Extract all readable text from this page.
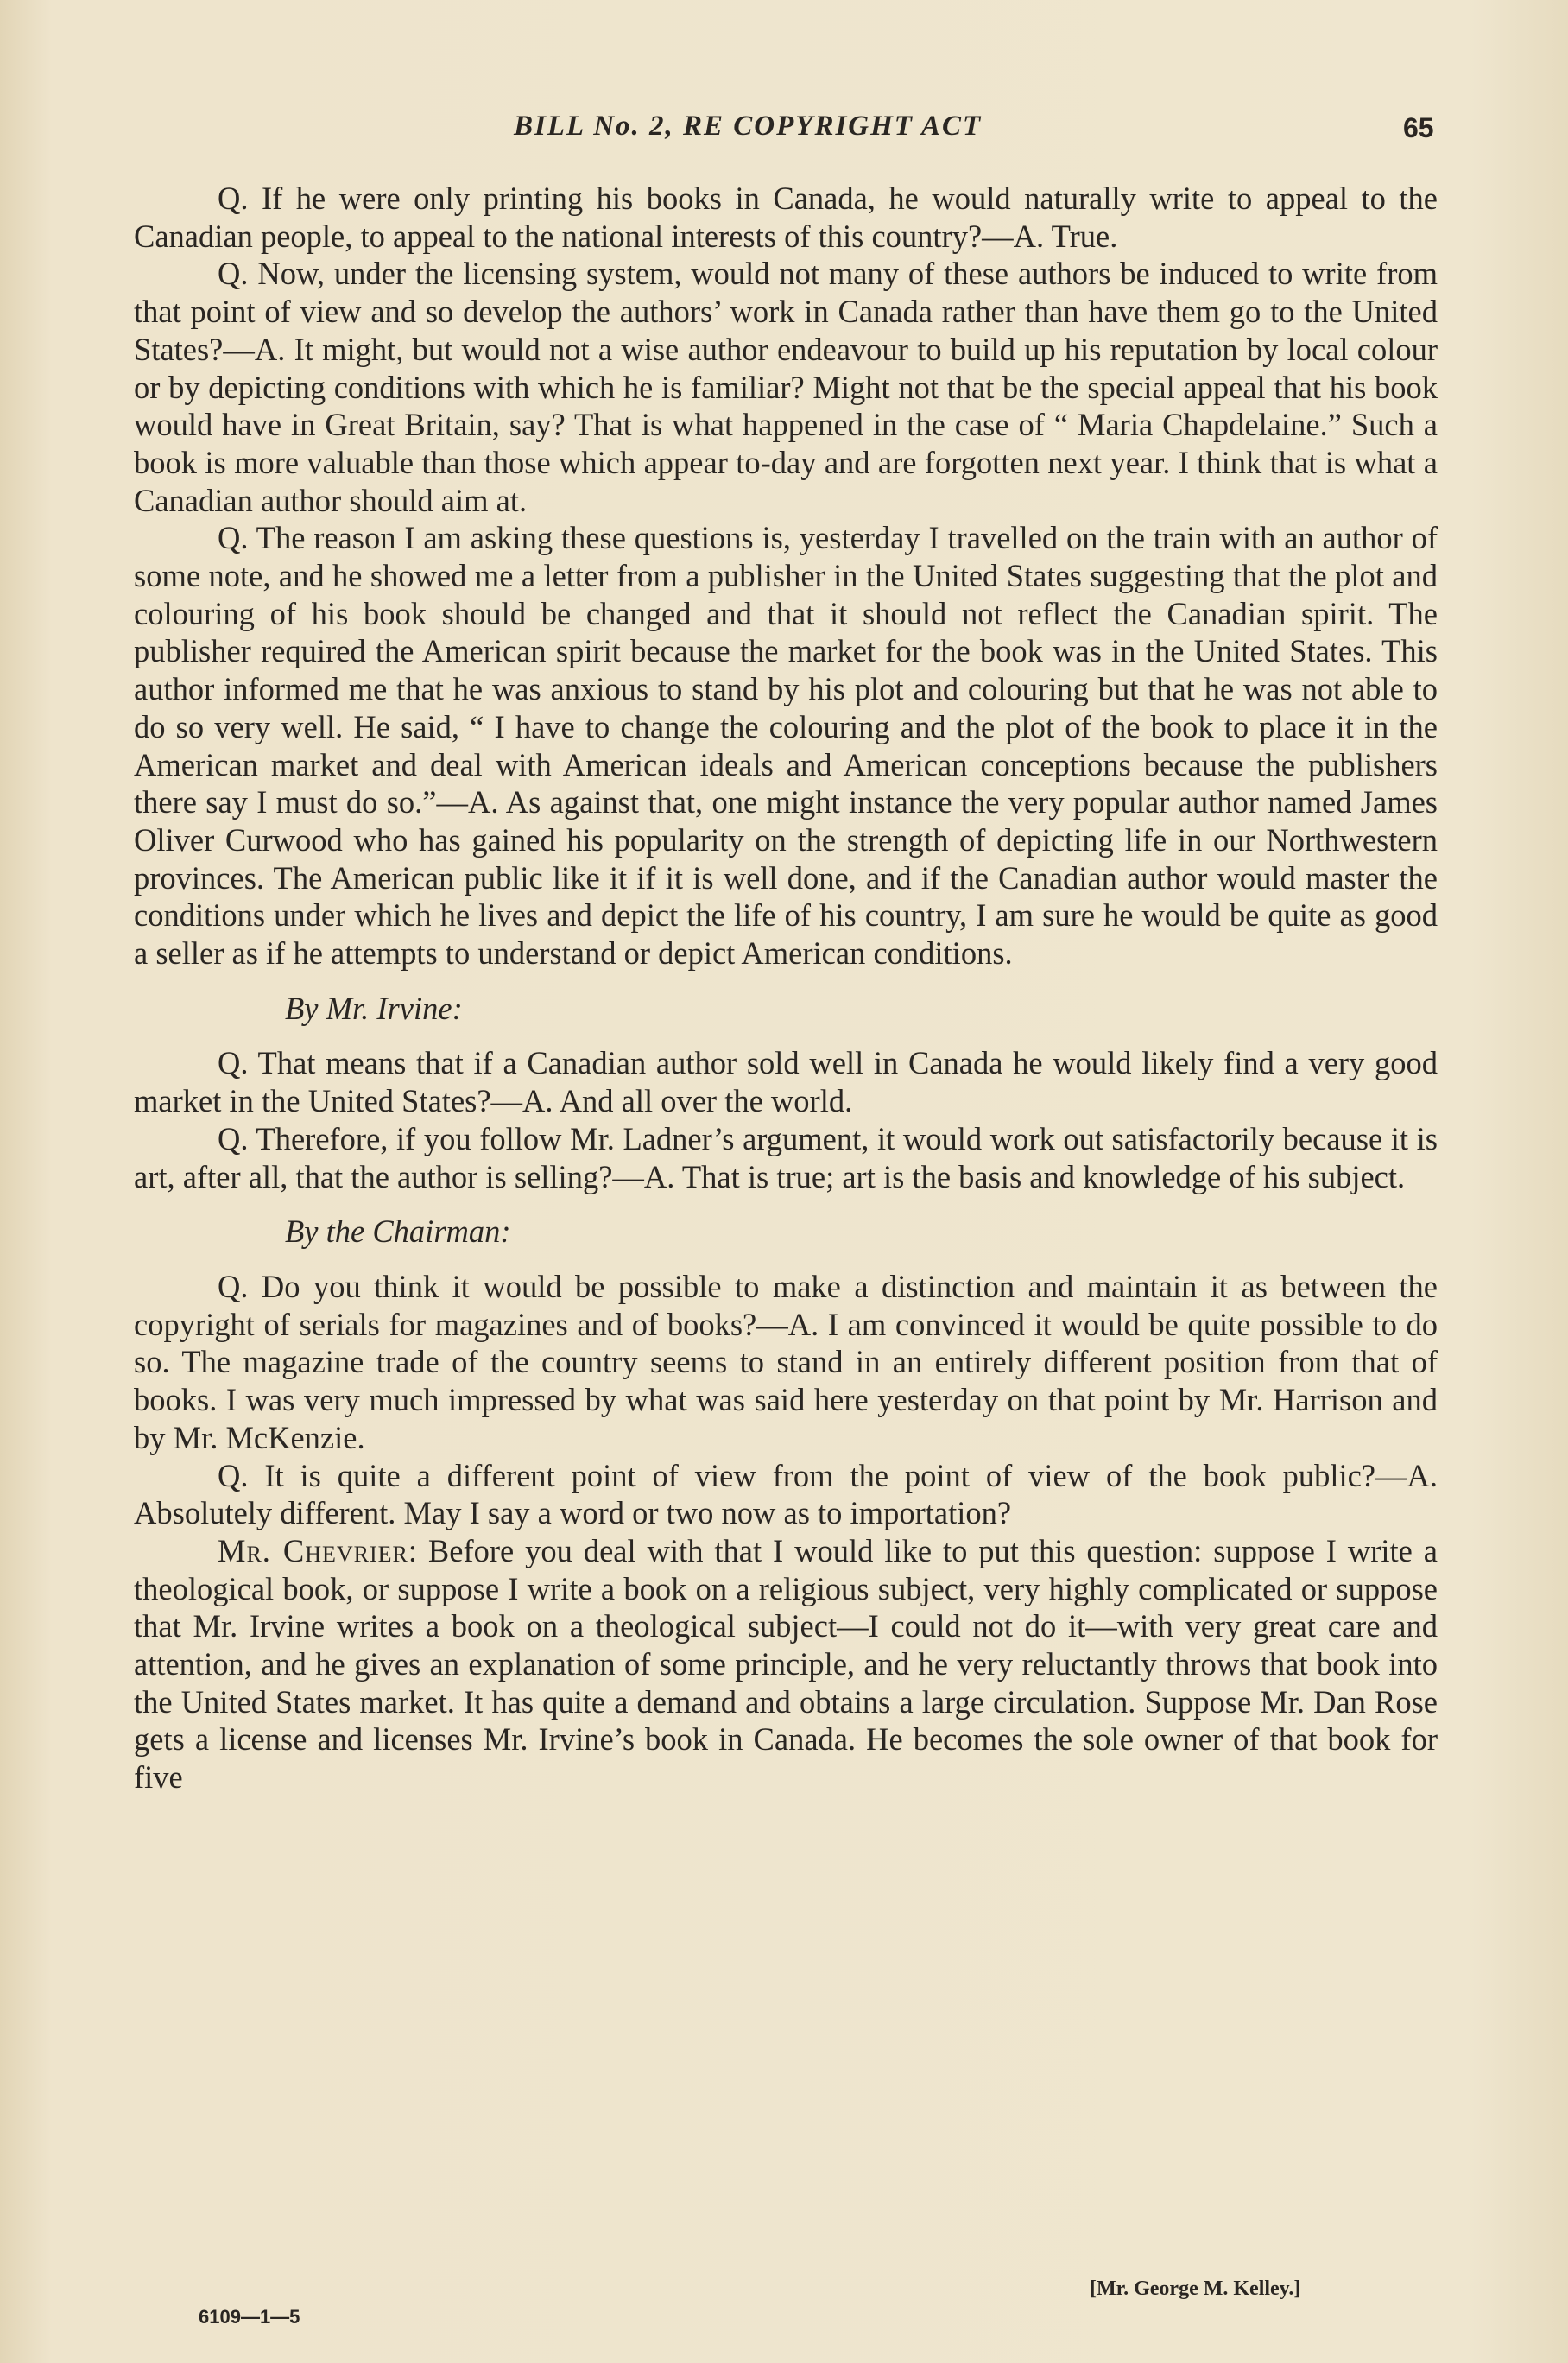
BILL No. 2, RE COPYRIGHT ACT	65

Q. If he were only printing his books in Canada, he would naturally write to appeal to the Canadian people, to appeal to the national interests of this country?—A. True.

Q. Now, under the licensing system, would not many of these authors be induced to write from that point of view and so develop the authors’ work in Canada rather than have them go to the United States?—A. It might, but would not a wise author endeavour to build up his reputation by local colour or by depicting conditions with which he is familiar? Might not that be the special appeal that his book would have in Great Britain, say? That is what happened in the case of “ Maria Chapdelaine.” Such a book is more valuable than those which appear to-day and are forgotten next year. I think that is what a Canadian author should aim at.

Q. The reason I am asking these questions is, yesterday I travelled on the train with an author of some note, and he showed me a letter from a publisher in the United States suggesting that the plot and colouring of his book should be changed and that it should not reflect the Canadian spirit. The publisher required the American spirit because the market for the book was in the United States. This author informed me that he was anxious to stand by his plot and colouring but that he was not able to do so very well. He said, “ I have to change the colouring and the plot of the book to place it in the American market and deal with American ideals and American conceptions because the publishers there say I must do so.”—A. As against that, one might instance the very popular author named James Oliver Curwood who has gained his popularity on the strength of depicting life in our Northwestern provinces. The American public like it if it is well done, and if the Canadian author would master the conditions under which he lives and depict the life of his country, I am sure he would be quite as good a seller as if he attempts to understand or depict American conditions.

By Mr. Irvine:

Q. That means that if a Canadian author sold well in Canada he would likely find a very good market in the United States?—A. And all over the world.

Q. Therefore, if you follow Mr. Ladner’s argument, it would work out satisfactorily because it is art, after all, that the author is selling?—A. That is true; art is the basis and knowledge of his subject.

By the Chairman:

Q. Do you think it would be possible to make a distinction and maintain it as between the copyright of serials for magazines and of books?—A. I am convinced it would be quite possible to do so. The magazine trade of the country seems to stand in an entirely different position from that of books. I was very much impressed by what was said here yesterday on that point by Mr. Harrison and by Mr. McKenzie.

Q. It is quite a different point of view from the point of view of the book public?—A. Absolutely different. May I say a word or two now as to importation?

Mr. Chevrier: Before you deal with that I would like to put this question: suppose I write a theological book, or suppose I write a book on a religious subject, very highly complicated or suppose that Mr. Irvine writes a book on a theological subject—I could not do it—with very great care and attention, and he gives an explanation of some principle, and he very reluctantly throws that book into the United States market. It has quite a demand and obtains a large circulation. Suppose Mr. Dan Rose gets a license and licenses Mr. Irvine’s book in Canada. He becomes the sole owner of that book for five

[Mr. George M. Kelley.]
6109—1—5
